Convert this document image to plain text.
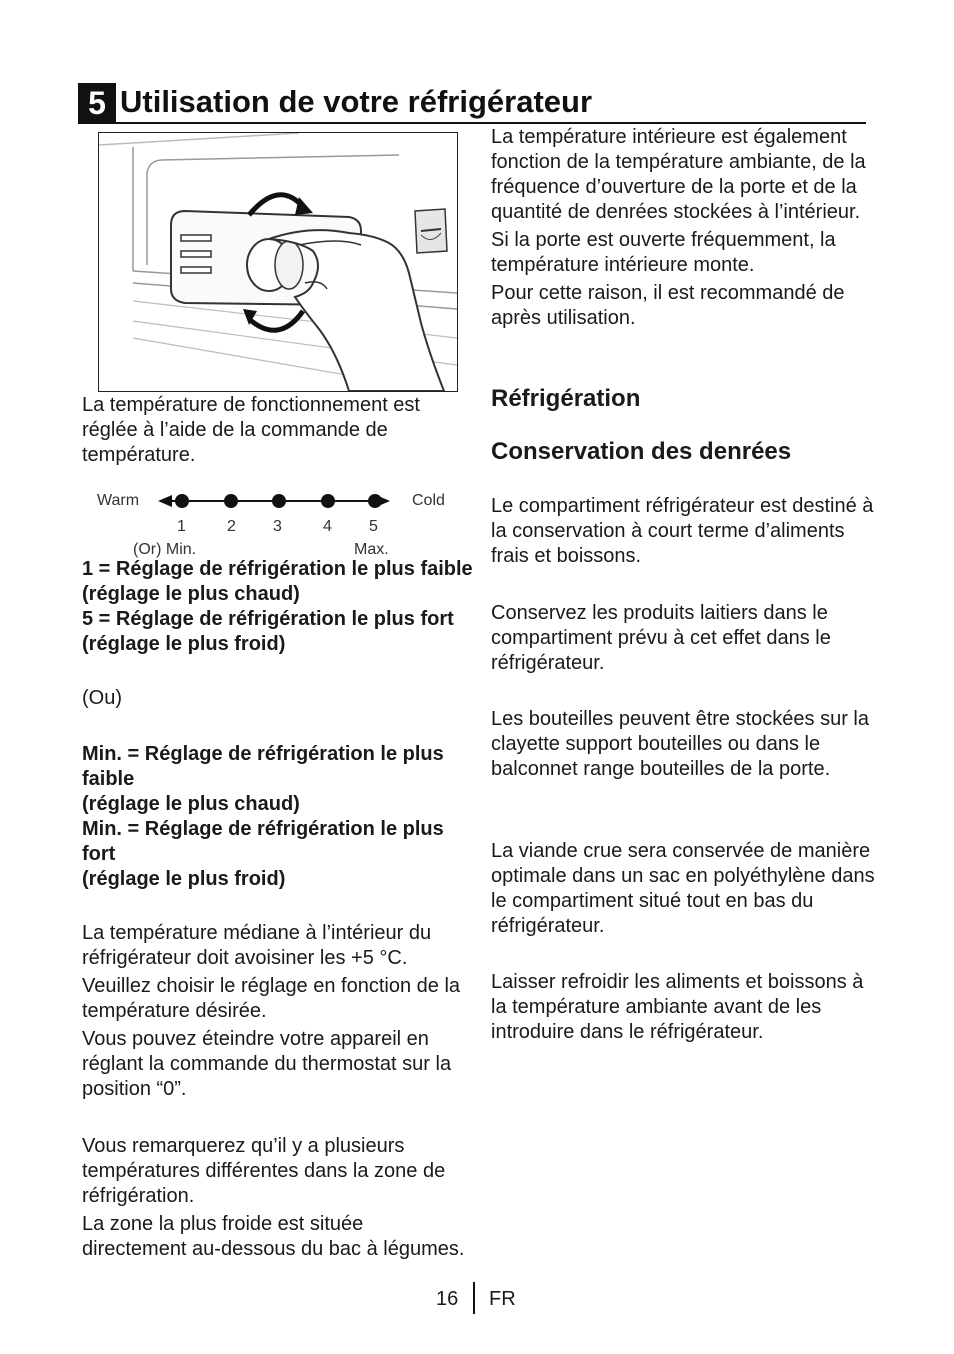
5 Utilisation de votre réfrigérateur

La température de fonctionnement est réglée à l’aide de la commande de température.

Warm	Cold
1	2 3	4 5
(Or) Min.	Max.

1 = Réglage de réfrigération le plus faible (réglage le plus chaud)

5 = Réglage de réfrigération le plus fort (réglage le plus froid)

(Ou)

Min. = Réglage de réfrigération le plus faible

(réglage le plus chaud)

Min. = Réglage de réfrigération le plus fort

(réglage le plus froid)

La température médiane à l’intérieur du réfrigérateur doit avoisiner les +5 °C.

Veuillez choisir le réglage en fonction de la température désirée.

Vous pouvez éteindre votre appareil en réglant la commande du thermostat sur la position “0”.

Vous remarquerez qu’il y a plusieurs températures différentes dans la zone de réfrigération.

La zone la plus froide est située directement au-dessous du bac à légumes.

La température intérieure est également fonction de la température ambiante, de la fréquence d’ouverture de la porte et de la quantité de denrées stockées à l’intérieur.

Si la porte est ouverte fréquemment, la température intérieure monte.

Pour cette raison, il est recommandé de après utilisation.

Réfrigération
Conservation des denrées

Le compartiment réfrigérateur est destiné à la conservation à court terme d’aliments frais et boissons.

Conservez les produits laitiers dans le compartiment prévu à cet effet dans le réfrigérateur.

Les bouteilles peuvent être stockées sur la clayette support bouteilles ou dans le balconnet range bouteilles de la porte.

La viande crue sera conservée de manière optimale dans un sac en polyéthylène dans le compartiment situé tout en bas du réfrigérateur.

Laisser refroidir les aliments et boissons à la température ambiante avant de les introduire dans le réfrigérateur.

16 FR
